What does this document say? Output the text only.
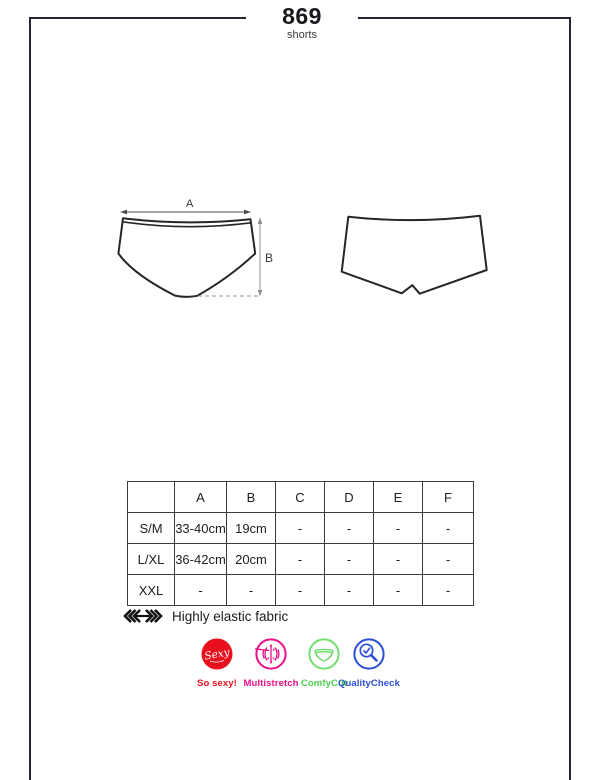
869
shorts
A
B
	A	B	C	D	E	F
S/M	33-40cm	19cm	-	-	-	-
L/XL	36-42cm	20cm	-	-	-	-
XXL	-	-	-	-	-	-
Highly elastic fabric
Sexy
So sexy! Multistretch ComfyCut
QualityCheck
